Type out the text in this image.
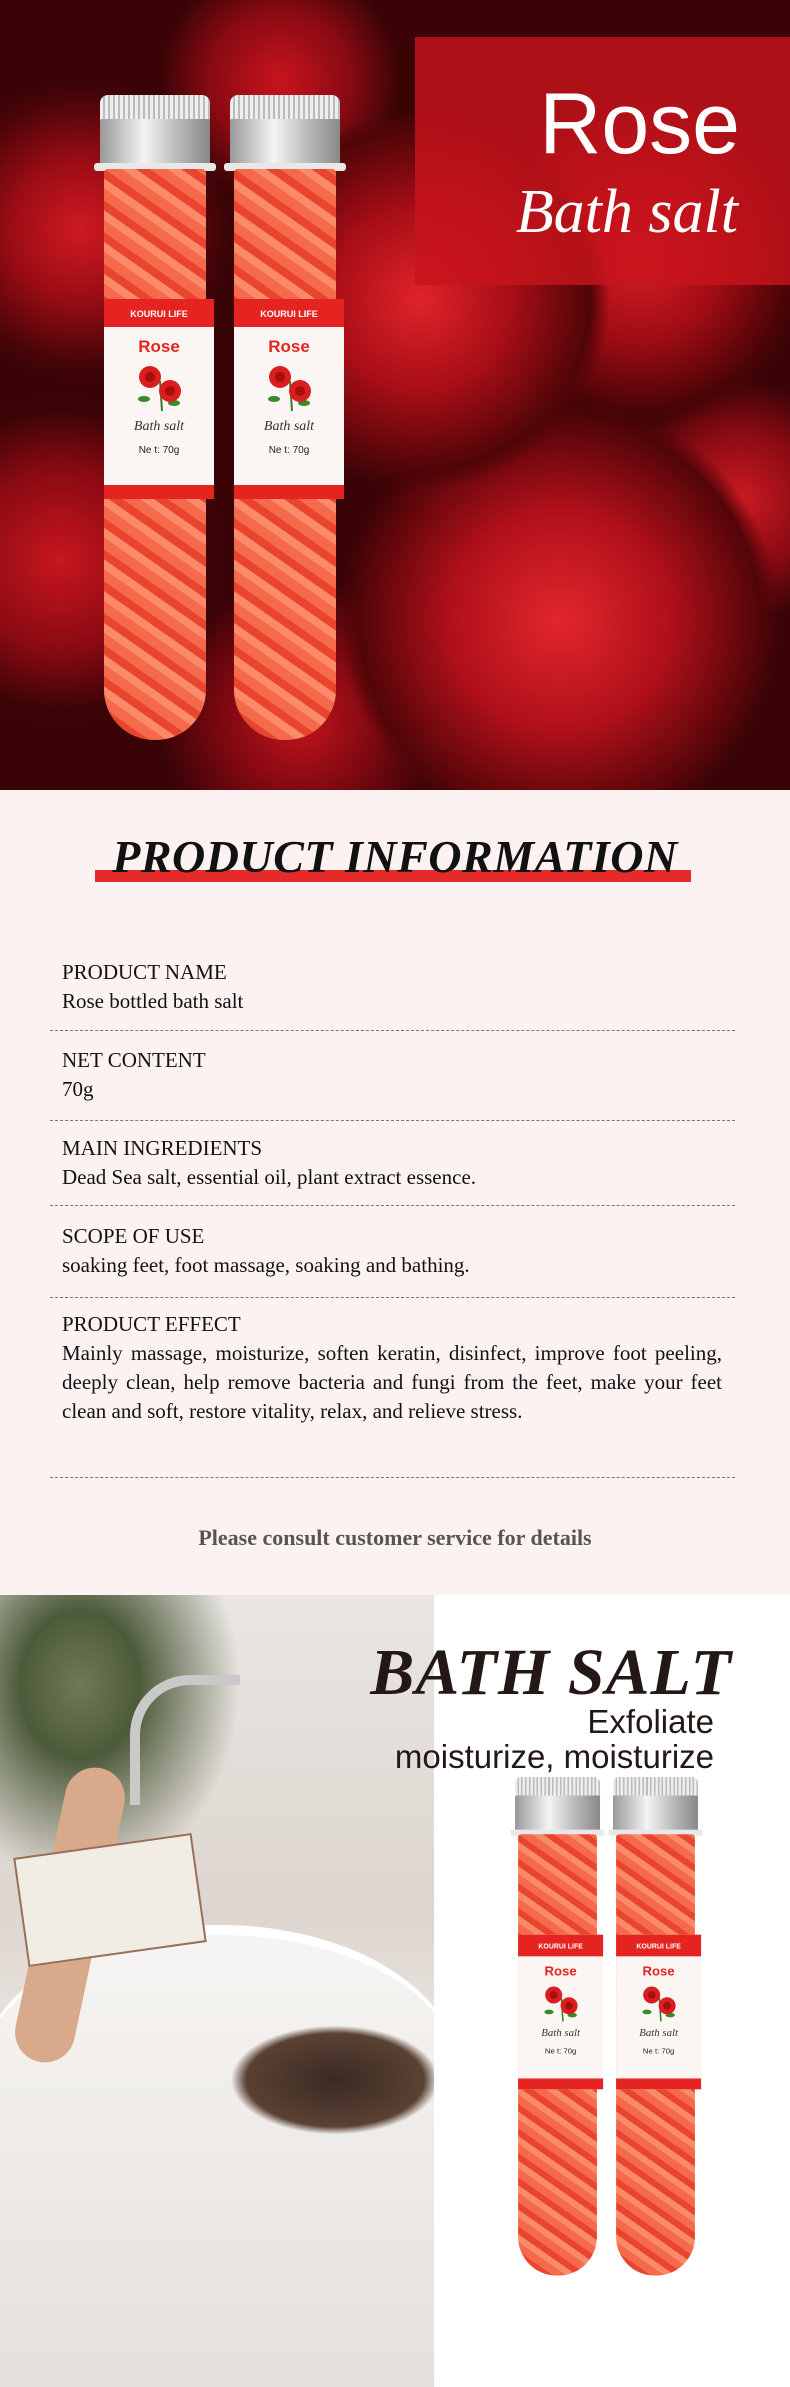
KOURUI LIFE
Rose
Bath salt
Ne t: 70g
KOURUI LIFE
Rose
Bath salt
Ne t: 70g
Rose
Bath salt
PRODUCT INFORMATION
PRODUCT NAME
Rose bottled bath salt
NET CONTENT
70g
MAIN INGREDIENTS
Dead Sea salt, essential oil, plant extract essence.
SCOPE OF USE
soaking feet, foot massage, soaking and bathing.
PRODUCT EFFECT
Mainly massage, moisturize, soften keratin, disinfect, improve foot peeling, deeply clean, help remove bacteria and fungi from the feet, make your feet clean and soft, restore vitality, relax, and relieve stress.
Please consult customer service for details
KOURUI LIFE
Rose
Bath salt
Ne t: 70g
KOURUI LIFE
Rose
Bath salt
Ne t: 70g
BATH SALT
Exfoliate
moisturize, moisturize
